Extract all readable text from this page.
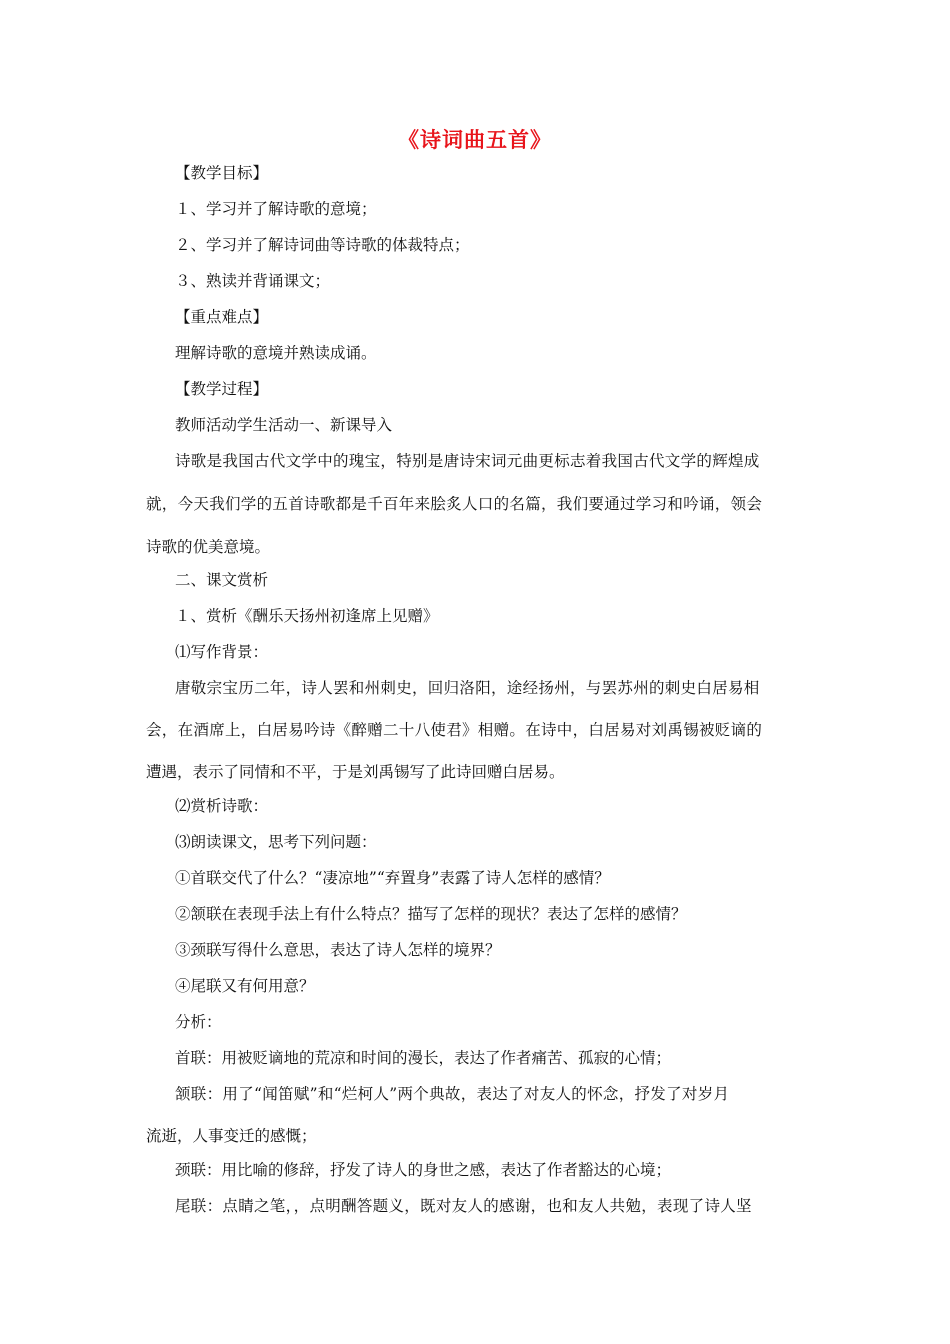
《诗词曲五首》
【教学目标】
１、学习并了解诗歌的意境；
２、学习并了解诗词曲等诗歌的体裁特点；
３、熟读并背诵课文；
【重点难点】
理解诗歌的意境并熟读成诵。
【教学过程】
教师活动学生活动一、新课导入
诗歌是我国古代文学中的瑰宝，特别是唐诗宋词元曲更标志着我国古代文学的辉煌成
就，今天我们学的五首诗歌都是千百年来脍炙人口的名篇，我们要通过学习和吟诵，领会
诗歌的优美意境。
二、课文赏析
１、赏析《酬乐天扬州初逢席上见赠》
⑴写作背景：
唐敬宗宝历二年，诗人罢和州刺史，回归洛阳，途经扬州，与罢苏州的刺史白居易相
会，在酒席上，白居易吟诗《醉赠二十八使君》相赠。在诗中，白居易对刘禹锡被贬谪的
遭遇，表示了同情和不平，于是刘禹锡写了此诗回赠白居易。
⑵赏析诗歌：
⑶朗读课文，思考下列问题：
①首联交代了什么？“凄凉地”“弃置身”表露了诗人怎样的感情？
②颔联在表现手法上有什么特点？描写了怎样的现状？表达了怎样的感情？
③颈联写得什么意思，表达了诗人怎样的境界？
④尾联又有何用意？
分析：
首联：用被贬谪地的荒凉和时间的漫长，表达了作者痛苦、孤寂的心情；
颔联：用了“闻笛赋”和“烂柯人”两个典故，表达了对友人的怀念，抒发了对岁月
流逝，人事变迁的感慨；
颈联：用比喻的修辞，抒发了诗人的身世之感，表达了作者豁达的心境；
尾联：点睛之笔，，点明酬答题义，既对友人的感谢，也和友人共勉，表现了诗人坚
